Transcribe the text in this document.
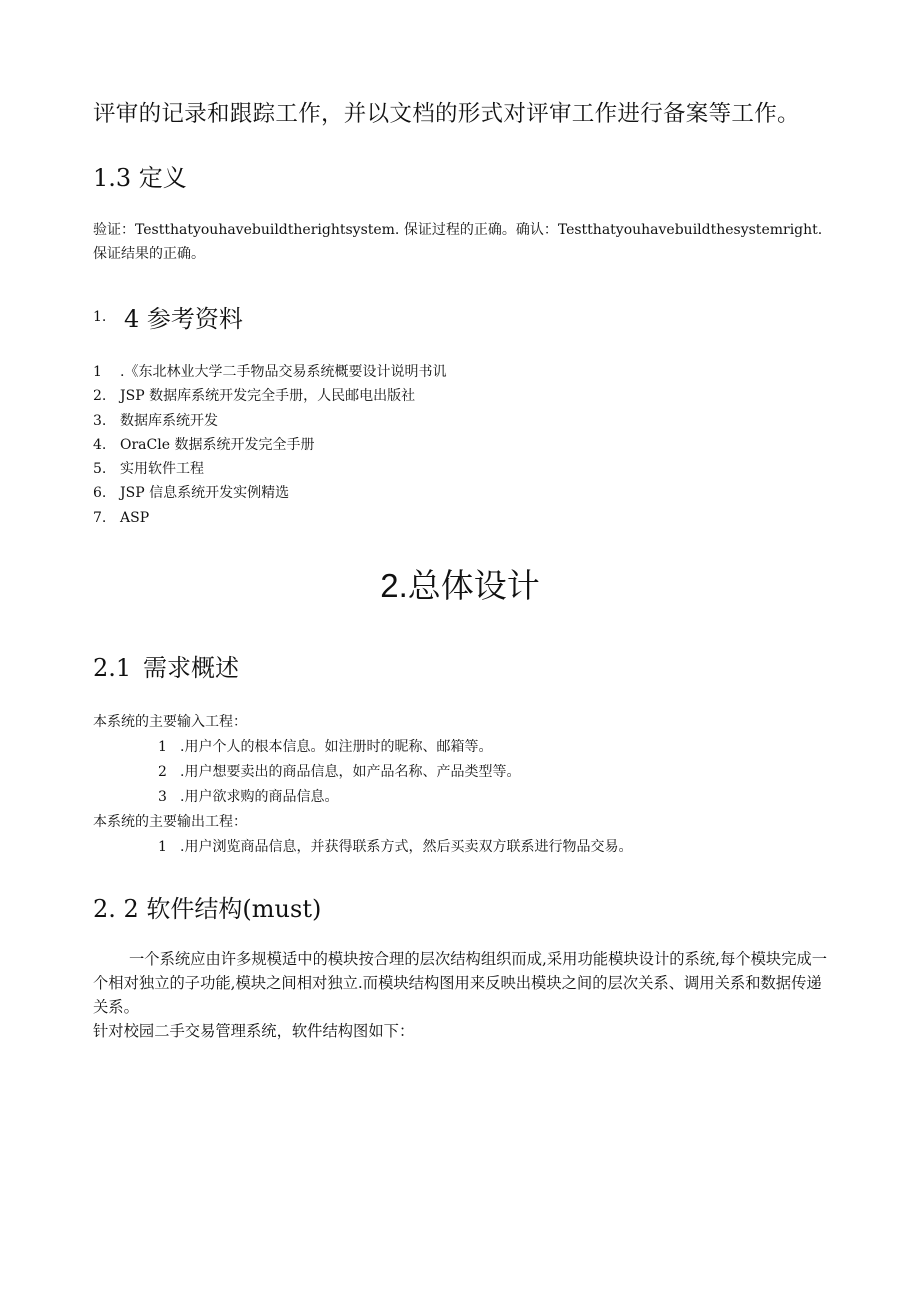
评审的记录和跟踪工作，并以文档的形式对评审工作进行备案等工作。
1.3 定义
验证：Testthatyouhavebuildtherightsystem. 保证过程的正确。确认：Testthatyouhavebuildthesystemright.保证结果的正确。
1. 4 参考资料
1	.《东北林业大学二手物品交易系统概要设计说明书讥
2. JSP 数据库系统开发完全手册，人民邮电出版社
3. 数据库系统开发
4. OraCle 数据系统开发完全手册
5. 实用软件工程
6. JSP 信息系统开发实例精选
7. ASP
2.总体设计
2.1 需求概述
本系统的主要输入工程：
1 .用户个人的根本信息。如注册时的昵称、邮箱等。
2 .用户想要卖出的商品信息，如产品名称、产品类型等。
3 .用户欲求购的商品信息。
本系统的主要输出工程：
1 .用户浏览商品信息，并获得联系方式，然后买卖双方联系进行物品交易。
2. 2 软件结构(must)
一个系统应由许多规模适中的模块按合理的层次结构组织而成,采用功能模块设计的系统,每个模块完成一个相对独立的子功能,模块之间相对独立.而模块结构图用来反映出模块之间的层次关系、调用关系和数据传递关系。
针对校园二手交易管理系统，软件结构图如下：
